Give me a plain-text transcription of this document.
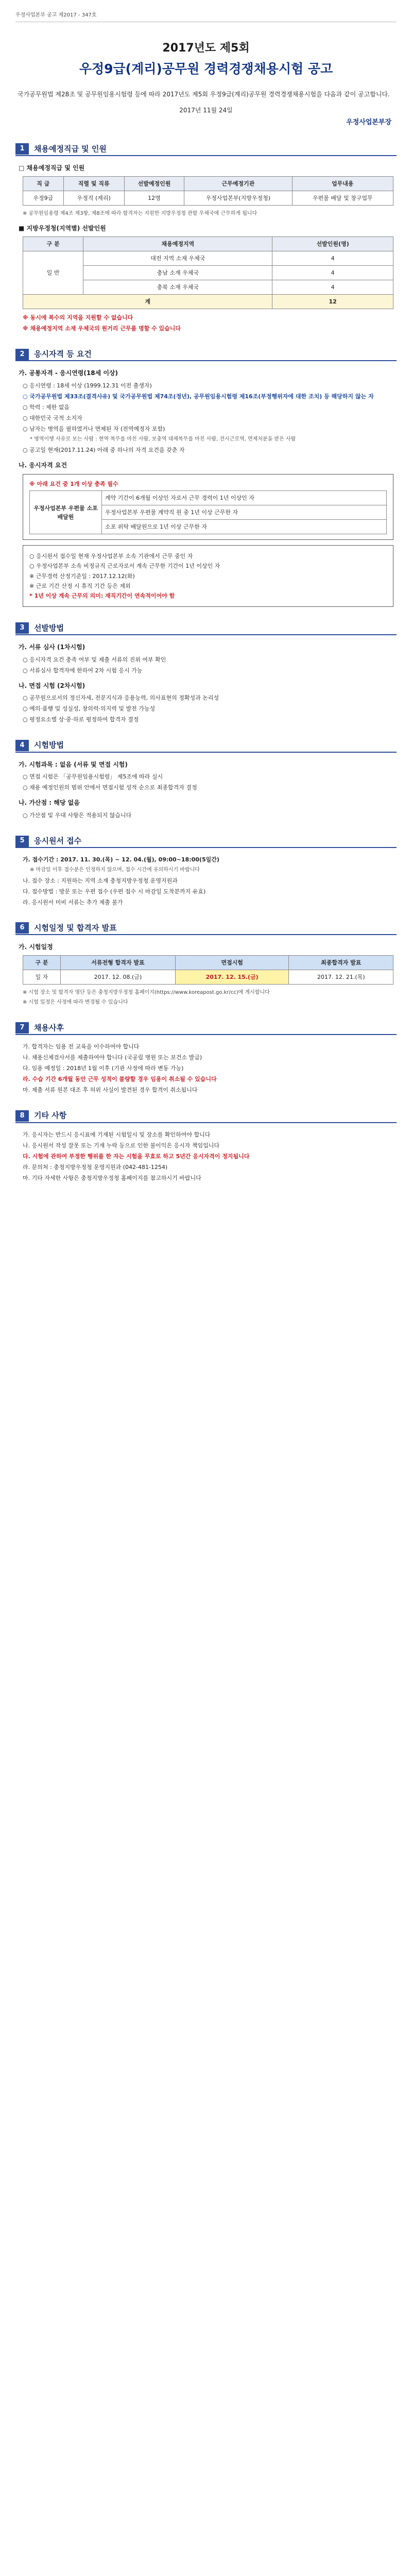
우정사업본부 공고 제2017 - 347호
2017년도 제5회
우정9급(계리)공무원 경력경쟁채용시험 공고
국가공무원법 제28조 및 공무원임용시험령 등에 따라 2017년도 제5회 우정9급(계리)공무원 경력경쟁채용시험을 다음과 같이 공고합니다.
2017년 11월 24일
우정사업본부장
1	채용예정직급 및 인원
□ 채용예정직급 및 인원
직 급	직렬 및 직류	선발예정인원	근무예정기관	업무내용
우정9급	우정직 (계리)	12명	우정사업본부(지방우정청)	우편물 배달 및 창구업무
※ 공무원임용령 제4조 제3항, 제8조에 따라 합격자는 지원한 지방우정청 관할 우체국에 근무하게 됩니다
■ 지방우정청(지역별) 선발인원
구 분	채용예정지역	선발인원(명)
일 반	대전 지역 소재 우체국	4
	충남 소재 우체국	4
	충북 소재 우체국	4
계		12
※ 동시에 복수의 지역을 지원할 수 없습니다
※ 채용예정지역 소재 우체국의 원거리 근무를 명할 수 있습니다
2	응시자격 등 요건
가. 공통자격 - 응시연령(18세 이상)
○ 응시연령 : 18세 이상 (1999.12.31 이전 출생자)
○ 국가공무원법 제33조(결격사유) 및 국가공무원법 제74조(정년), 공무원임용시험령 제16조(부정행위자에 대한 조치) 등 해당하지 않는 자
○ 학력 : 제한 없음
○ 대한민국 국적 소지자
○ 남자는 병역을 필하였거나 면제된 자 (전역예정자 포함)
* 병역이행 사유로 보는 사람 : 현역 복무를 마친 사람, 보충역 대체복무를 마친 사람, 전시근로역, 면제처분을 받은 사람
○ 공고일 현재(2017.11.24) 아래 중 하나의 자격 요건을 갖춘 자
나. 응시자격 요건
※ 아래 요건 중 1개 이상 충족 필수
우정사업본부 우편물 소포 배달원	계약 기간이 6개월 이상인 자로서 근무 경력이 1년 이상인 자
우정사업본부 우편물 계약직 원 중 1년 이상 근무한 자
소포 위탁 배달원으로 1년 이상 근무한 자
○ 응시원서 접수일 현재 우정사업본부 소속 기관에서 근무 중인 자
○ 우정사업본부 소속 비정규직 근로자로서 계속 근무한 기간이 1년 이상인 자
※ 근무경력 산정기준일 : 2017.12.12(화)
※ 근로 기간 산정 시 휴직 기간 등은 제외
* 1년 이상 계속 근무의 의미: 재직기간이 연속적이어야 함
3	선발방법
가. 서류 심사 (1차시험)
○ 응시자격 요건 충족 여부 및 제출 서류의 진위 여부 확인
○ 서류심사 합격자에 한하여 2차 시험 응시 가능
나. 면접 시험 (2차시험)
○ 공무원으로서의 정신자세, 전문지식과 응용능력, 의사표현의 정확성과 논리성
○ 예의·품행 및 성실성, 창의력·의지력 및 발전 가능성
○ 평정요소별 상·중·하로 평정하여 합격자 결정
4	시험방법
가. 시험과목 : 없음 (서류 및 면접 시험)
○ 면접 시험은 「공무원임용시험령」 제5조에 따라 실시
○ 채용 예정인원의 범위 안에서 면접시험 성적 순으로 최종합격자 결정
나. 가산점 : 해당 없음
○ 가산점 및 우대 사항은 적용되지 않습니다
5	응시원서 접수
가. 접수기간 : 2017. 11. 30.(목) ~ 12. 04.(월), 09:00~18:00(5일간)
※ 마감일 이후 접수분은 인정하지 않으며, 접수 시간에 유의하시기 바랍니다
나. 접수 장소 : 지원하는 지역 소재 충청지방우정청 운영지원과
다. 접수방법 : 방문 또는 우편 접수 (우편 접수 시 마감일 도착분까지 유효)
라. 응시원서 미비 서류는 추가 제출 불가
6	시험일정 및 합격자 발표
가. 시험일정
구 분	서류전형 합격자 발표	면접시험	최종합격자 발표
일 자	2017. 12. 08.(금)	2017. 12. 15.(금)	2017. 12. 21.(목)
※ 시험 장소 및 합격자 명단 등은 충청지방우정청 홈페이지(https://www.koreapost.go.kr/cc)에 게시합니다
※ 시험 일정은 사정에 따라 변경될 수 있습니다
7	채용사후
가. 합격자는 임용 전 교육을 이수하여야 합니다
나. 채용신체검사서를 제출하여야 합니다 (국공립 병원 또는 보건소 발급)
다. 임용 예정일 : 2018년 1월 이후 (기관 사정에 따라 변동 가능)
라. 수습 기간 6개월 동안 근무 성적이 불량할 경우 임용이 취소될 수 있습니다
마. 제출 서류 원본 대조 후 허위 사실이 발견된 경우 합격이 취소됩니다
8	기타 사항
가. 응시자는 반드시 응시표에 기재된 시험일시 및 장소를 확인하여야 합니다
나. 응시원서 작성 잘못 또는 기재 누락 등으로 인한 불이익은 응시자 책임입니다
다. 시험에 관하여 부정한 행위를 한 자는 시험을 무효로 하고 5년간 응시자격이 정지됩니다
라. 문의처 : 충청지방우정청 운영지원과 (042-481-1254)
마. 기타 자세한 사항은 충청지방우정청 홈페이지를 참고하시기 바랍니다
